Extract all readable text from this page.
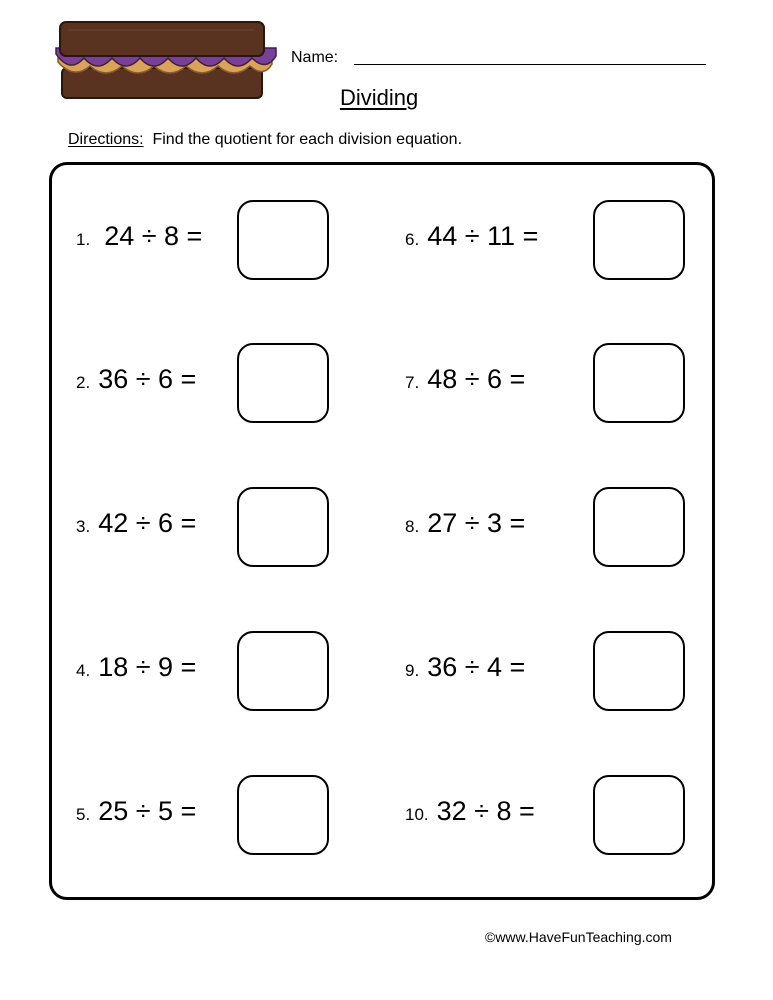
Name:
Dividing
Directions: Find the quotient for each division equation.
1. 24 ÷ 8 =
2. 36 ÷ 6 =
3. 42 ÷ 6 =
4. 18 ÷ 9 =
5. 25 ÷ 5 =
6. 44 ÷ 11 =
7. 48 ÷ 6 =
8. 27 ÷ 3 =
9. 36 ÷ 4 =
10. 32 ÷ 8 =
©www.HaveFunTeaching.com
